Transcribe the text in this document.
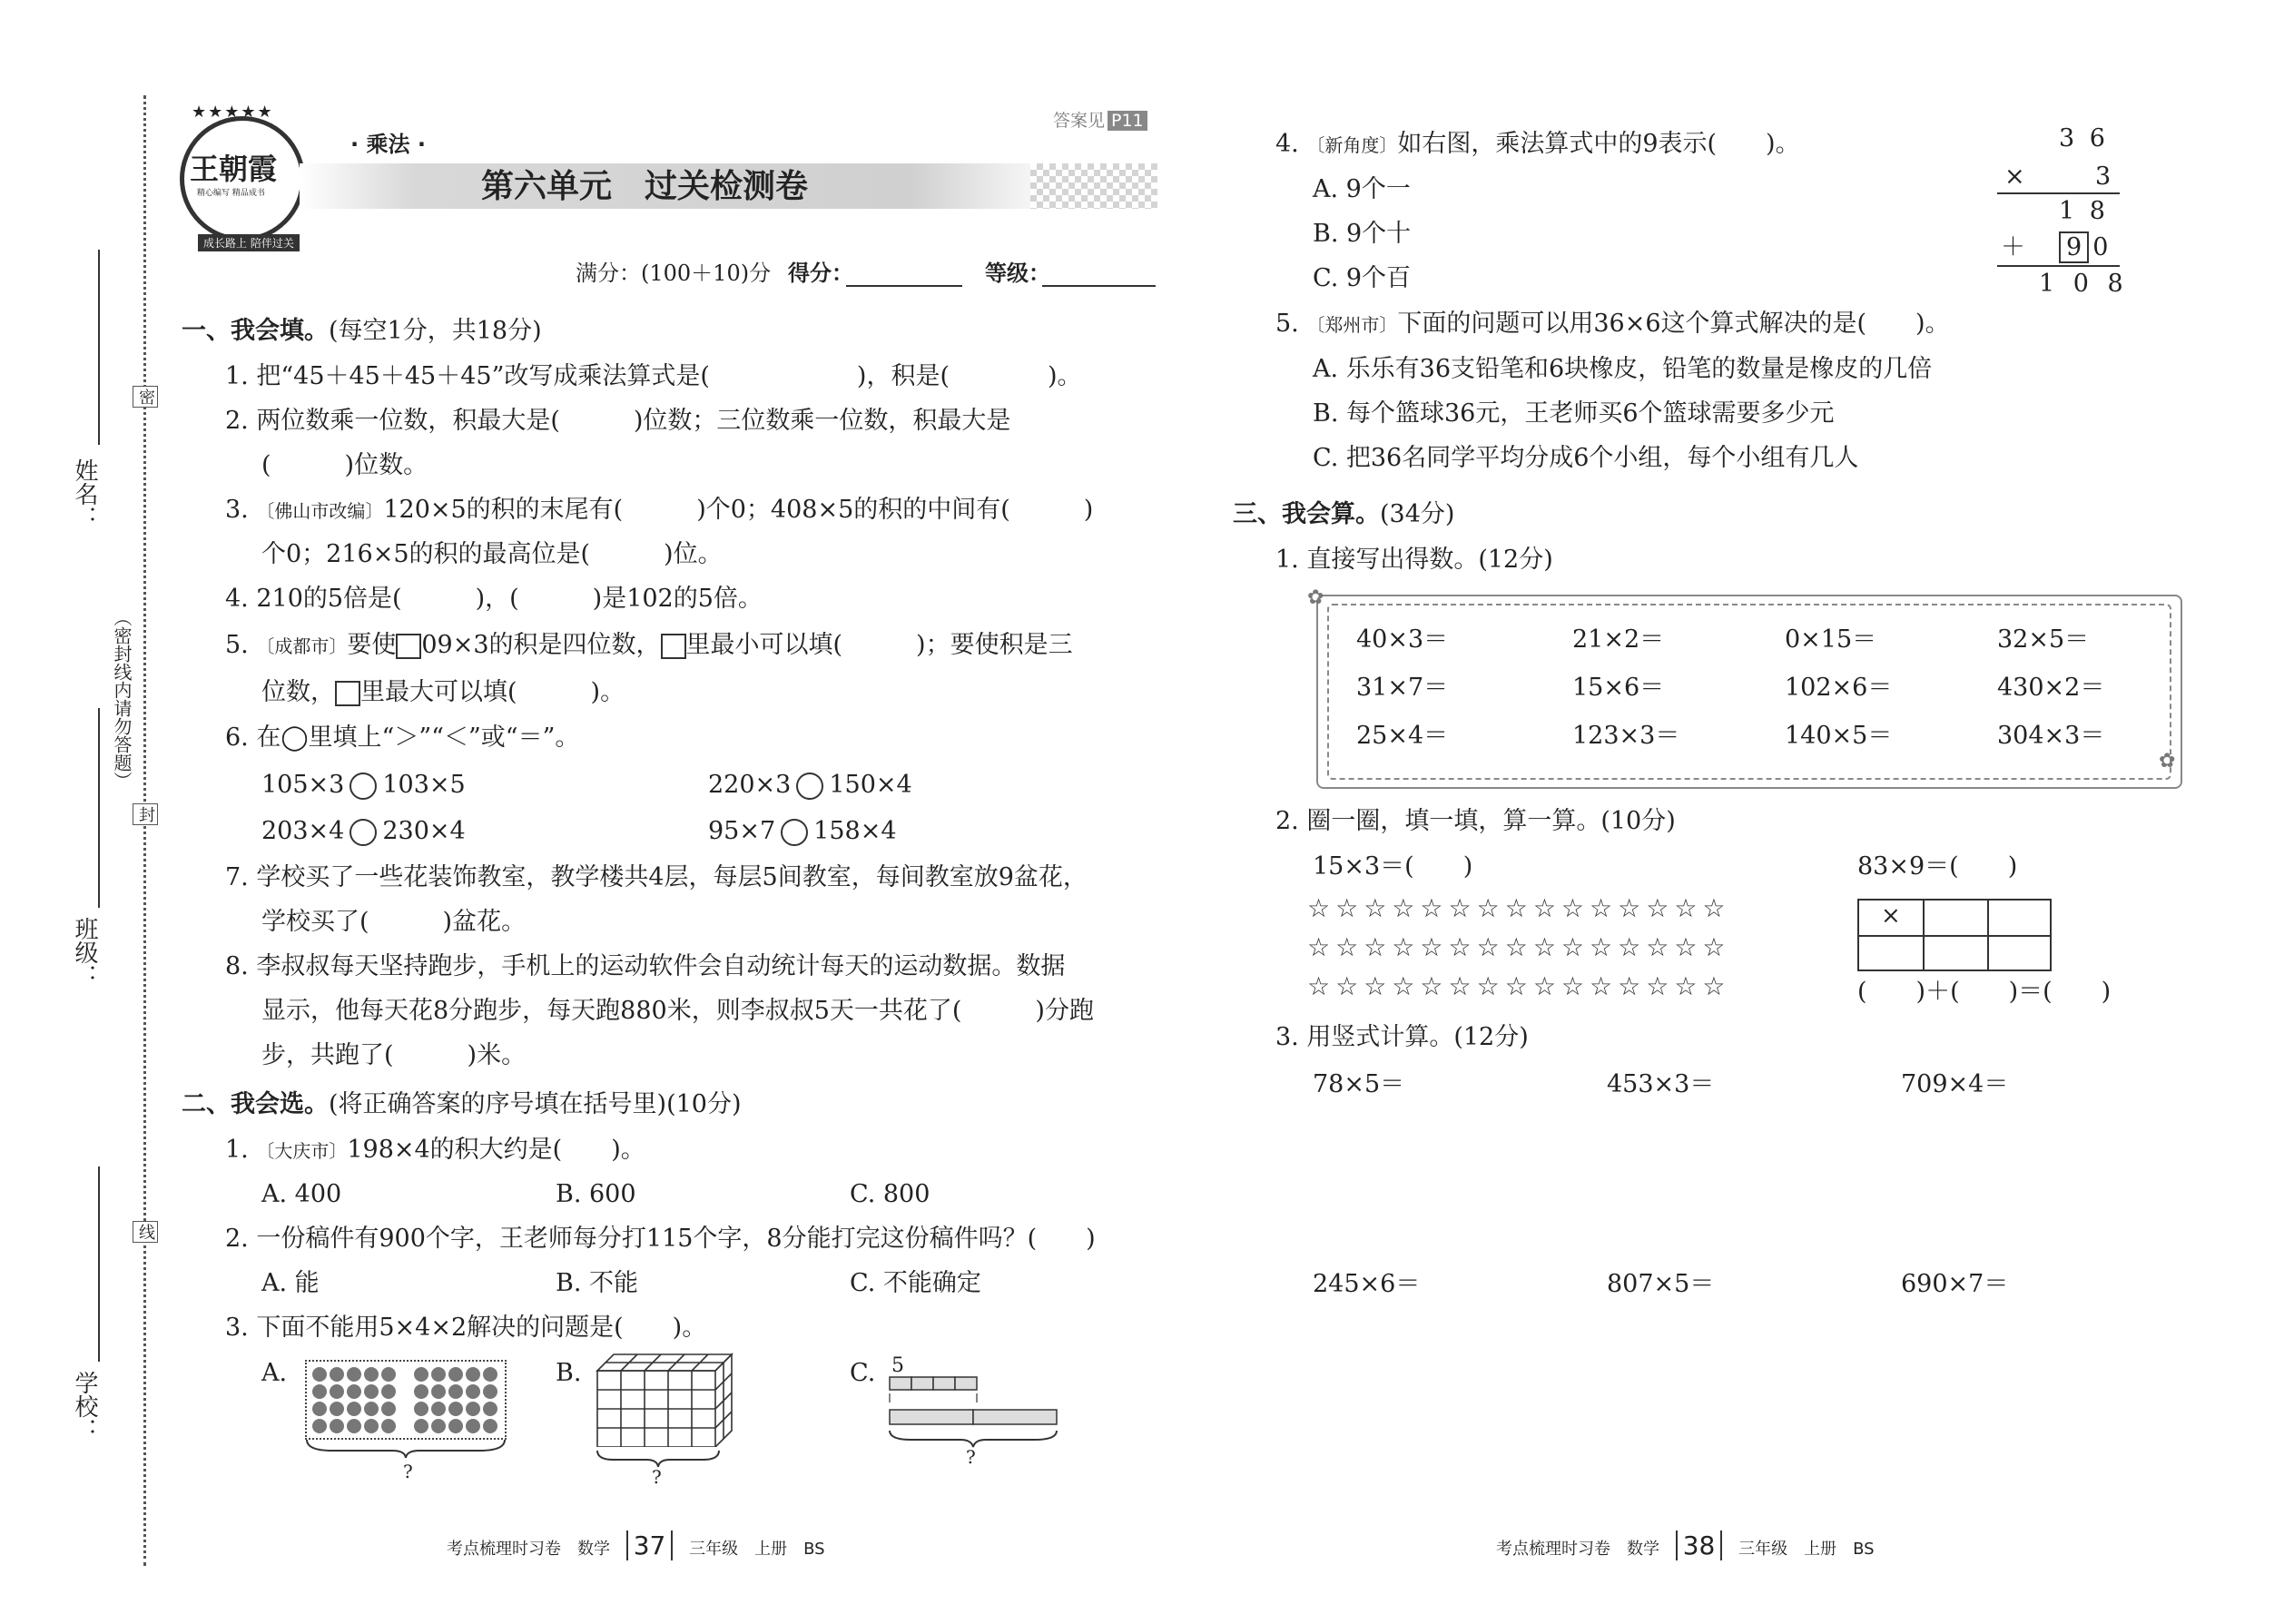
姓名：
班级：
学校：
（密封线内请勿答题）
密
封
线
★★★★★
王朝霞
精心编写 精品成书
成长路上 陪伴过关
· 乘法 ·
第六单元　过关检测卷
答案见 P11
满分：(100＋10)分 得分：	等级：
一、我会填。(每空1分，共18分)
1. 把“45＋45＋45＋45”改写成乘法算式是(　　　　　　)，积是(　　　　)。
2. 两位数乘一位数，积最大是(　　　)位数；三位数乘一位数，积最大是
(　　　)位数。
3. 〔佛山市改编〕120×5的积的末尾有(　　　)个0；408×5的积的中间有(　　　)
个0；216×5的积的最高位是(　　　)位。
4. 210的5倍是(　　　)，(　　　)是102的5倍。
5. 〔成都市〕要使 09×3的积是四位数， 里最小可以填(　　　)；要使积是三
位数， 里最大可以填(　　　)。
6. 在◯里填上“＞”“＜”或“＝”。
105×3 103×5	220×3 150×4
203×4 230×4	95×7 158×4
7. 学校买了一些花装饰教室，教学楼共4层，每层5间教室，每间教室放9盆花，
学校买了(　　　)盆花。
8. 李叔叔每天坚持跑步，手机上的运动软件会自动统计每天的运动数据。数据
显示，他每天花8分跑步，每天跑880米，则李叔叔5天一共花了(　　　)分跑
步，共跑了(　　　)米。
二、我会选。(将正确答案的序号填在括号里)(10分)
1. 〔大庆市〕198×4的积大约是(　　)。
A. 400	B. 600	C. 800
2. 一份稿件有900个字，王老师每分打115个字，8分能打完这份稿件吗？(　　)
A. 能	B. 不能	C. 不能确定
3. 下面不能用5×4×2解决的问题是(　　)。
A.	B.	C.
?	?
5
?
考点梳理时习卷　数学 37 三年级　上册　BS
4. 〔新角度〕如右图，乘法算式中的9表示(　　)。
A. 9个一
B. 9个十
C. 9个百
3 6
×	3
1 8
＋ 9 0
1 0 8
5. 〔郑州市〕下面的问题可以用36×6这个算式解决的是(　　)。
A. 乐乐有36支铅笔和6块橡皮，铅笔的数量是橡皮的几倍
B. 每个篮球36元，王老师买6个篮球需要多少元
C. 把36名同学平均分成6个小组，每个小组有几人
三、我会算。(34分)
1. 直接写出得数。(12分)
✿
✿
40×3＝	21×2＝	0×15＝	32×5＝
31×7＝	15×6＝	102×6＝	430×2＝
25×4＝	123×3＝	140×5＝	304×3＝
2. 圈一圈，填一填，算一算。(10分)
15×3＝(　　)	83×9＝(　　)
☆☆☆☆☆☆☆☆☆☆☆☆☆☆☆
☆☆☆☆☆☆☆☆☆☆☆☆☆☆☆
☆☆☆☆☆☆☆☆☆☆☆☆☆☆☆
×
(　　)＋(　　)＝(　　)
3. 用竖式计算。(12分)
78×5＝	453×3＝	709×4＝
245×6＝	807×5＝	690×7＝
考点梳理时习卷　数学 38 三年级　上册　BS
